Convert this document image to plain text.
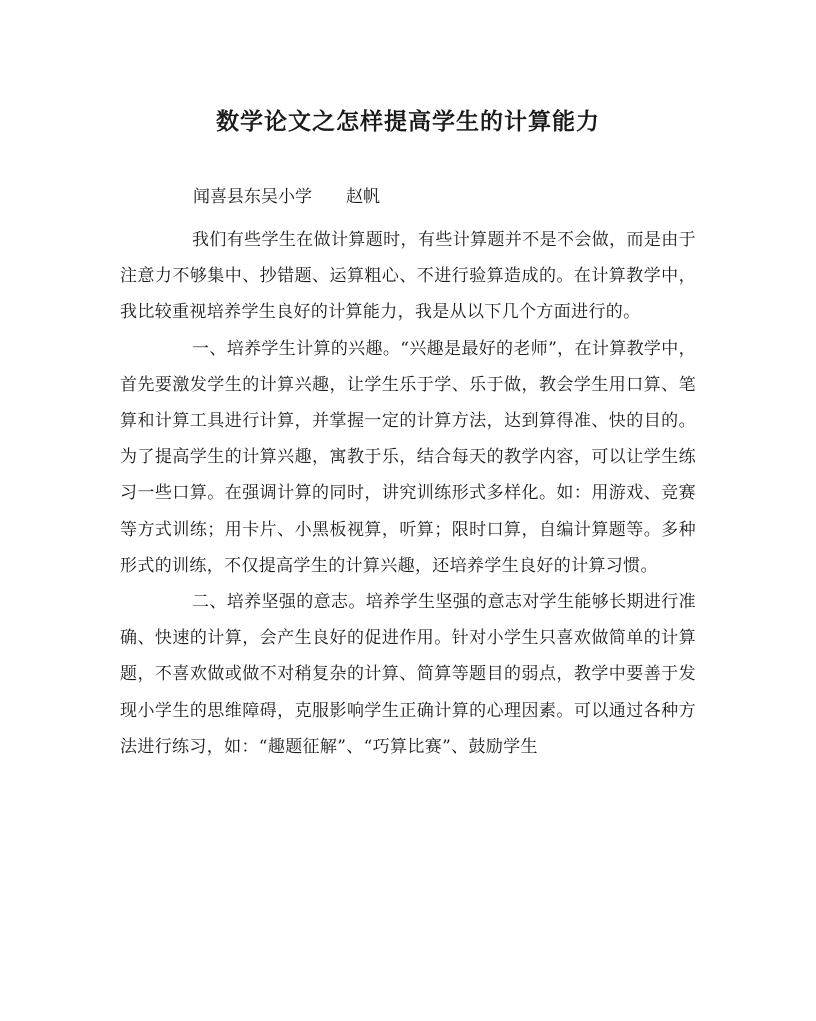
数学论文之怎样提高学生的计算能力
闻喜县东吴小学 赵帆

我们有些学生在做计算题时，有些计算题并不是不会做，而是由于注意力不够集中、抄错题、运算粗心、不进行验算造成的。在计算教学中，我比较重视培养学生良好的计算能力，我是从以下几个方面进行的。

一、培养学生计算的兴趣。“兴趣是最好的老师”，在计算教学中，首先要激发学生的计算兴趣，让学生乐于学、乐于做，教会学生用口算、笔算和计算工具进行计算，并掌握一定的计算方法，达到算得准、快的目的。为了提高学生的计算兴趣，寓教于乐，结合每天的教学内容，可以让学生练习一些口算。在强调计算的同时，讲究训练形式多样化。如：用游戏、竞赛等方式训练；用卡片、小黑板视算，听算；限时口算，自编计算题等。多种形式的训练，不仅提高学生的计算兴趣，还培养学生良好的计算习惯。

二、培养坚强的意志。培养学生坚强的意志对学生能够长期进行准确、快速的计算，会产生良好的促进作用。针对小学生只喜欢做简单的计算题，不喜欢做或做不对稍复杂的计算、简算等题目的弱点，教学中要善于发现小学生的思维障碍，克服影响学生正确计算的心理因素。可以通过各种方法进行练习，如：“趣题征解”、“巧算比赛”、鼓励学生
